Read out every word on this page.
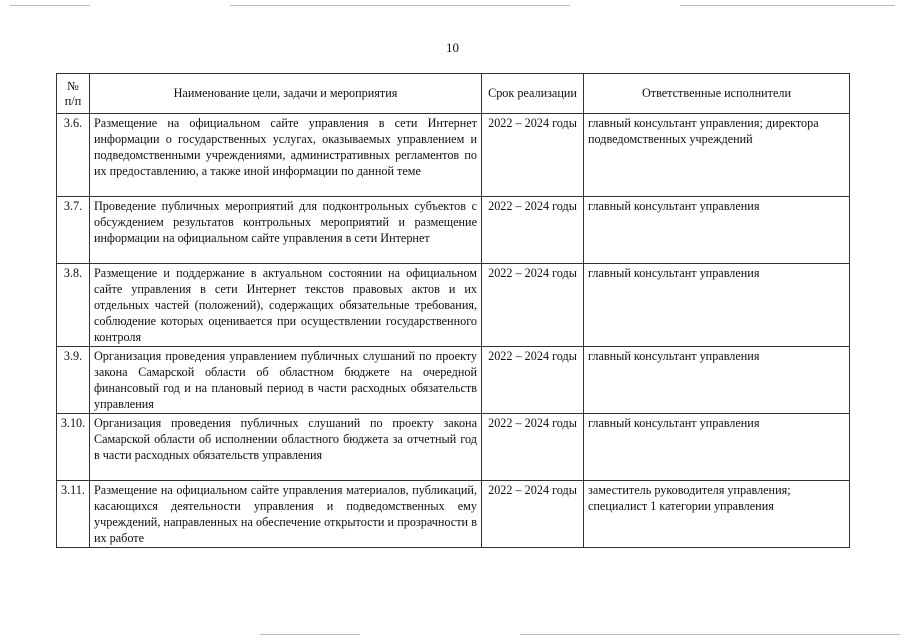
10
№ п/п	Наименование цели, задачи и мероприятия	Срок реализации	Ответственные исполнители
3.6.	Размещение на официальном сайте управления в сети Интернет информации о государственных услугах, оказываемых управлением и подведомственными учреждениями, административных регламентов по их предоставлению, а также иной информации по данной теме	2022 – 2024 годы	главный консультант управления; директора подведомственных учреждений
3.7.	Проведение публичных мероприятий для подконтрольных субъектов с обсуждением результатов контрольных мероприятий и размещение информации на официальном сайте управления в сети Интернет	2022 – 2024 годы	главный консультант управления
3.8.	Размещение и поддержание в актуальном состоянии на официальном сайте управления в сети Интернет текстов правовых актов и их отдельных частей (положений), содержащих обязательные требования, соблюдение которых оценивается при осуществлении государственного контроля	2022 – 2024 годы	главный консультант управления
3.9.	Организация проведения управлением публичных слушаний по проекту закона Самарской области об областном бюджете на очередной финансовый год и на плановый период в части расходных обязательств управления	2022 – 2024 годы	главный консультант управления
3.10.	Организация проведения публичных слушаний по проекту закона Самарской области об исполнении областного бюджета за отчетный год в части расходных обязательств управления	2022 – 2024 годы	главный консультант управления
3.11.	Размещение на официальном сайте управления материалов, публикаций, касающихся деятельности управления и подведомственных ему учреждений, направленных на обеспечение открытости и прозрачности в их работе	2022 – 2024 годы	заместитель руководителя управления; специалист 1 категории управления
